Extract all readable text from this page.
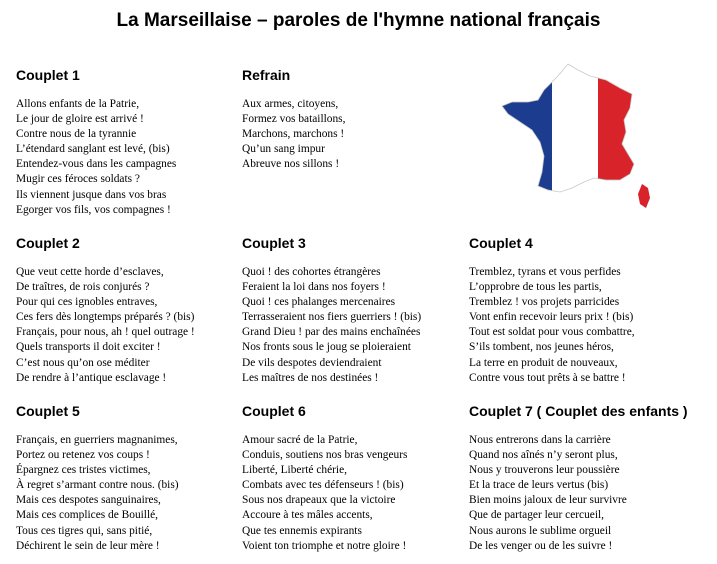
La Marseillaise – paroles de l'hymne national français
Couplet 1
Allons enfants de la Patrie,
Le jour de gloire est arrivé !
Contre nous de la tyrannie
L’étendard sanglant est levé, (bis)
Entendez-vous dans les campagnes
Mugir ces féroces soldats ?
Ils viennent jusque dans vos bras
Egorger vos fils, vos compagnes !
Refrain
Aux armes, citoyens,
Formez vos bataillons,
Marchons, marchons !
Qu’un sang impur
Abreuve nos sillons !
Couplet 2
Que veut cette horde d’esclaves,
De traîtres, de rois conjurés ?
Pour qui ces ignobles entraves,
Ces fers dès longtemps préparés ? (bis)
Français, pour nous, ah ! quel outrage !
Quels transports il doit exciter !
C’est nous qu’on ose méditer
De rendre à l’antique esclavage !
Couplet 3
Quoi ! des cohortes étrangères
Feraient la loi dans nos foyers !
Quoi ! ces phalanges mercenaires
Terrasseraient nos fiers guerriers ! (bis)
Grand Dieu ! par des mains enchaînées
Nos fronts sous le joug se ploieraient
De vils despotes deviendraient
Les maîtres de nos destinées !
Couplet 4
Tremblez, tyrans et vous perfides
L’opprobre de tous les partis,
Tremblez ! vos projets parricides
Vont enfin recevoir leurs prix ! (bis)
Tout est soldat pour vous combattre,
S’ils tombent, nos jeunes héros,
La terre en produit de nouveaux,
Contre vous tout prêts à se battre !
Couplet 5
Français, en guerriers magnanimes,
Portez ou retenez vos coups !
Épargnez ces tristes victimes,
À regret s’armant contre nous. (bis)
Mais ces despotes sanguinaires,
Mais ces complices de Bouillé,
Tous ces tigres qui, sans pitié,
Déchirent le sein de leur mère !
Couplet 6
Amour sacré de la Patrie,
Conduis, soutiens nos bras vengeurs
Liberté, Liberté chérie,
Combats avec tes défenseurs ! (bis)
Sous nos drapeaux que la victoire
Accoure à tes mâles accents,
Que tes ennemis expirants
Voient ton triomphe et notre gloire !
Couplet 7 ( Couplet des enfants )
Nous entrerons dans la carrière
Quand nos aînés n’y seront plus,
Nous y trouverons leur poussière
Et la trace de leurs vertus (bis)
Bien moins jaloux de leur survivre
Que de partager leur cercueil,
Nous aurons le sublime orgueil
De les venger ou de les suivre !
